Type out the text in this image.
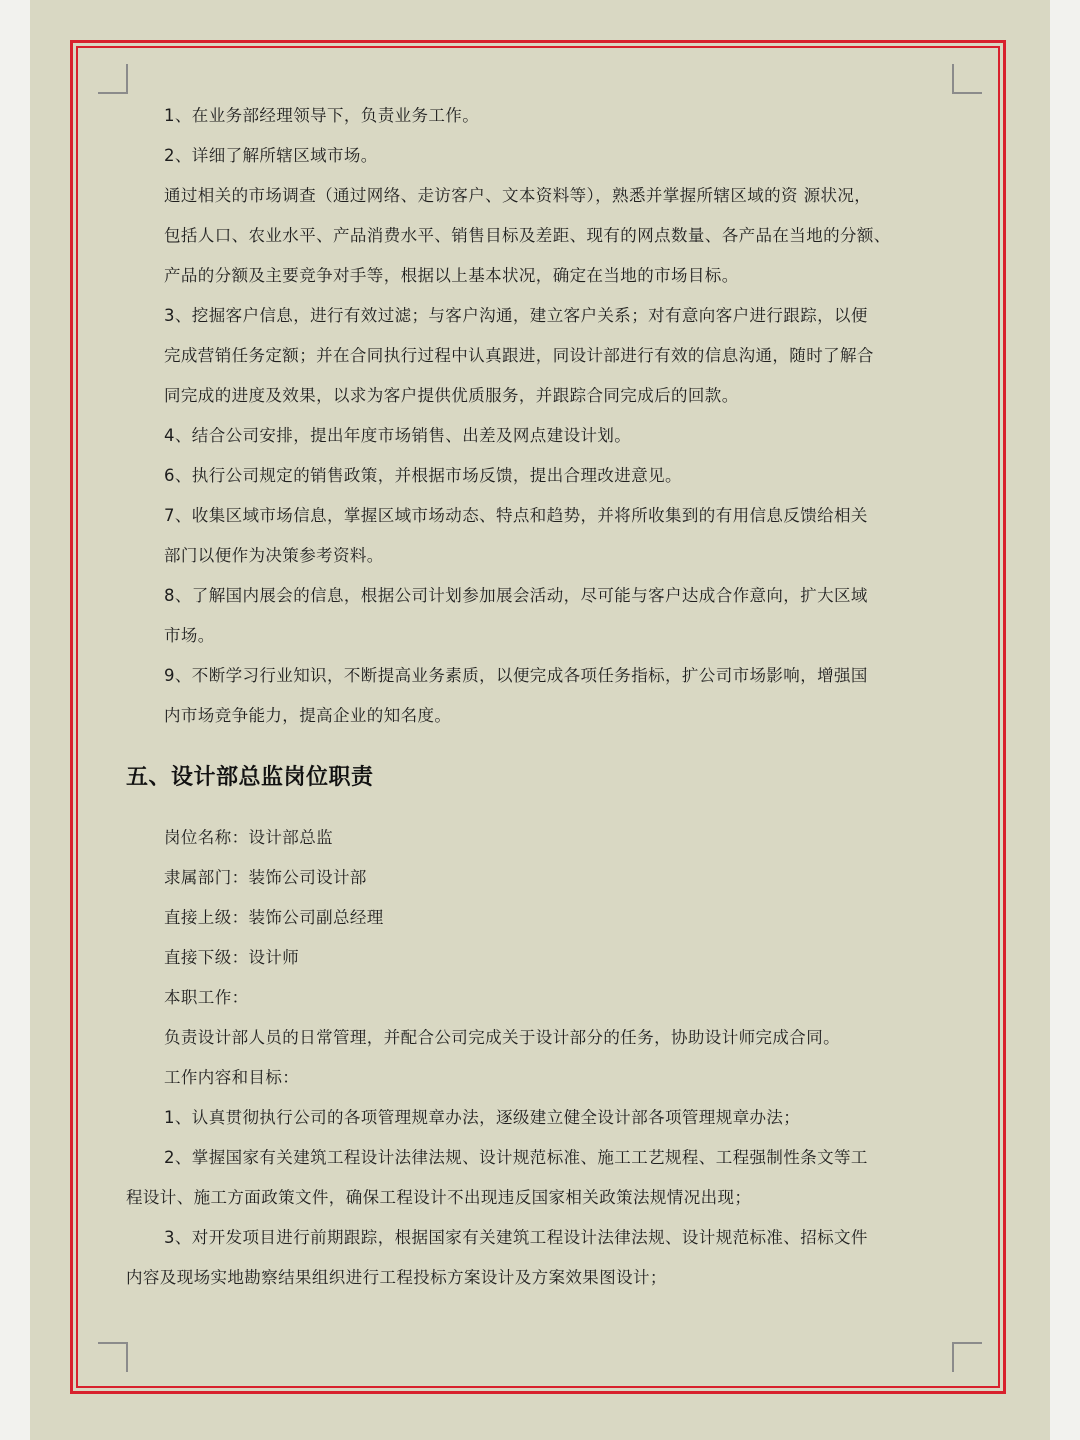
1、在业务部经理领导下，负责业务工作。
2、详细了解所辖区域市场。
通过相关的市场调查（通过网络、走访客户、文本资料等），熟悉并掌握所辖区域的资 源状况，
包括人口、农业水平、产品消费水平、销售目标及差距、现有的网点数量、各产品在当地的分额、
产品的分额及主要竞争对手等，根据以上基本状况，确定在当地的市场目标。
3、挖掘客户信息，进行有效过滤；与客户沟通，建立客户关系；对有意向客户进行跟踪，以便
完成营销任务定额；并在合同执行过程中认真跟进，同设计部进行有效的信息沟通，随时了解合
同完成的进度及效果，以求为客户提供优质服务，并跟踪合同完成后的回款。
4、结合公司安排，提出年度市场销售、出差及网点建设计划。
6、执行公司规定的销售政策，并根据市场反馈，提出合理改进意见。
7、收集区域市场信息，掌握区域市场动态、特点和趋势，并将所收集到的有用信息反馈给相关
部门以便作为决策参考资料。
8、了解国内展会的信息，根据公司计划参加展会活动，尽可能与客户达成合作意向，扩大区域
市场。
9、不断学习行业知识，不断提高业务素质，以便完成各项任务指标，扩公司市场影响，增强国
内市场竞争能力，提高企业的知名度。
五、设计部总监岗位职责
岗位名称：设计部总监
隶属部门：装饰公司设计部
直接上级：装饰公司副总经理
直接下级：设计师
本职工作：
负责设计部人员的日常管理，并配合公司完成关于设计部分的任务，协助设计师完成合同。
工作内容和目标：
1、认真贯彻执行公司的各项管理规章办法，逐级建立健全设计部各项管理规章办法；
2、掌握国家有关建筑工程设计法律法规、设计规范标准、施工工艺规程、工程强制性条文等工
程设计、施工方面政策文件，确保工程设计不出现违反国家相关政策法规情况出现；
3、对开发项目进行前期跟踪，根据国家有关建筑工程设计法律法规、设计规范标准、招标文件
内容及现场实地勘察结果组织进行工程投标方案设计及方案效果图设计；
